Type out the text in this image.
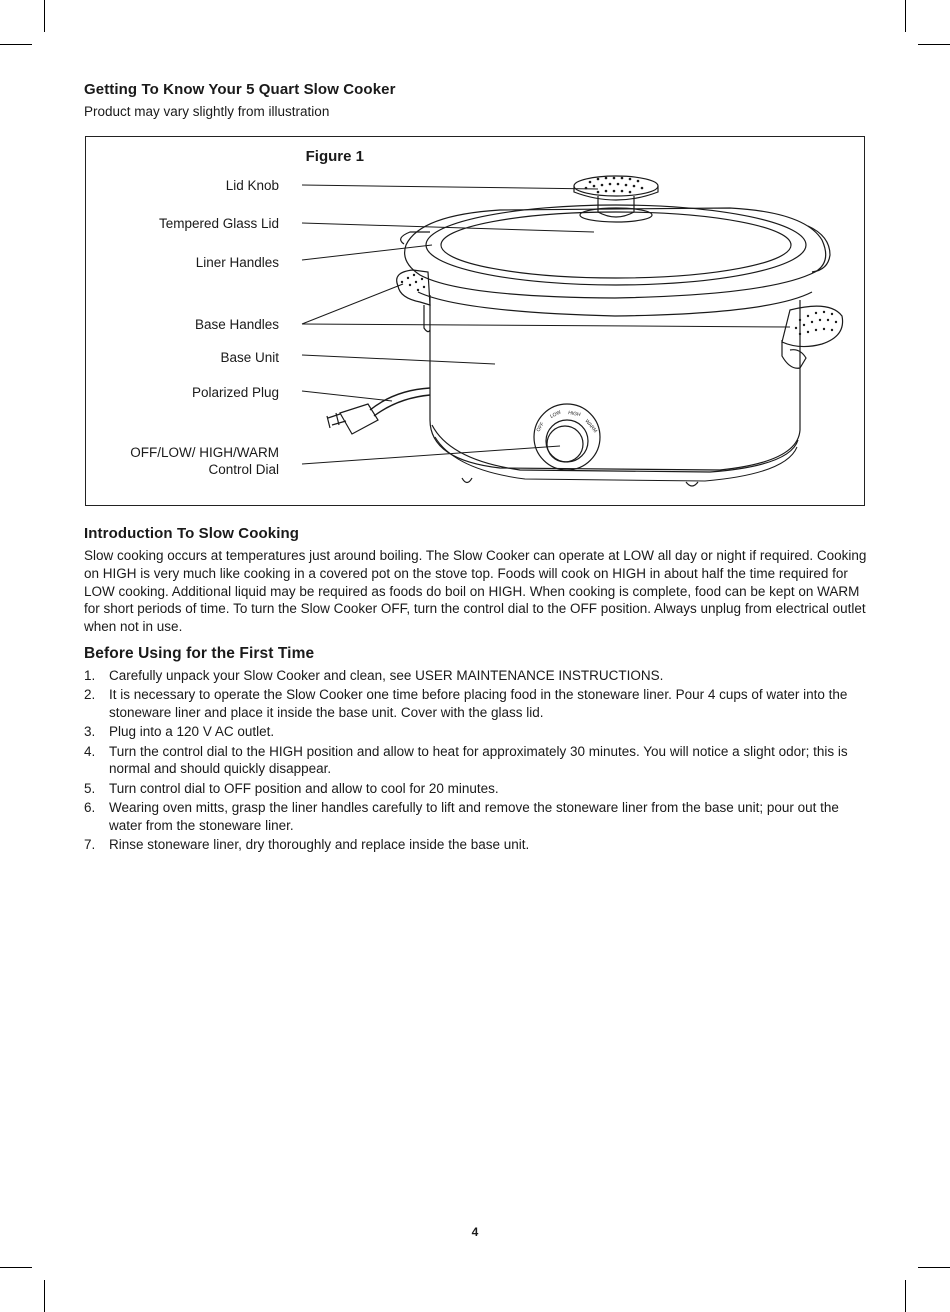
Getting To Know Your 5 Quart Slow Cooker

Product may vary slightly from illustration

OFF
LOW HIGH
WARM
Figure 1
Lid Knob
Tempered Glass Lid
Liner Handles
Base Handles
Base Unit
Polarized Plug
OFF/LOW/ HIGH/WARM
Control Dial
Introduction To Slow Cooking

Slow cooking occurs at temperatures just around boiling. The Slow Cooker can operate at LOW all day or night if required. Cooking on HIGH is very much like cooking in a covered pot on the stove top. Foods will cook on HIGH in about half the time required for LOW cooking. Additional liquid may be required as foods do boil on HIGH. When cooking is complete, food can be kept on WARM for short periods of time. To turn the Slow Cooker OFF, turn the control dial to the OFF position. Always unplug from electrical outlet when not in use.

Before Using for the First Time
1. Carefully unpack your Slow Cooker and clean, see USER MAINTENANCE INSTRUCTIONS.
2. It is necessary to operate the Slow Cooker one time before placing food in the stoneware liner. Pour 4 cups of water into the stoneware liner and place it inside the base unit. Cover with the glass lid.
3. Plug into a 120 V AC outlet.
4. Turn the control dial to the HIGH position and allow to heat for approximately 30 minutes. You will notice a slight odor; this is normal and should quickly disappear.
5. Turn control dial to OFF position and allow to cool for 20 minutes.
6. Wearing oven mitts, grasp the liner handles carefully to lift and remove the stoneware liner from the base unit; pour out the water from the stoneware liner.
7. Rinse stoneware liner, dry thoroughly and replace inside the base unit.
4
